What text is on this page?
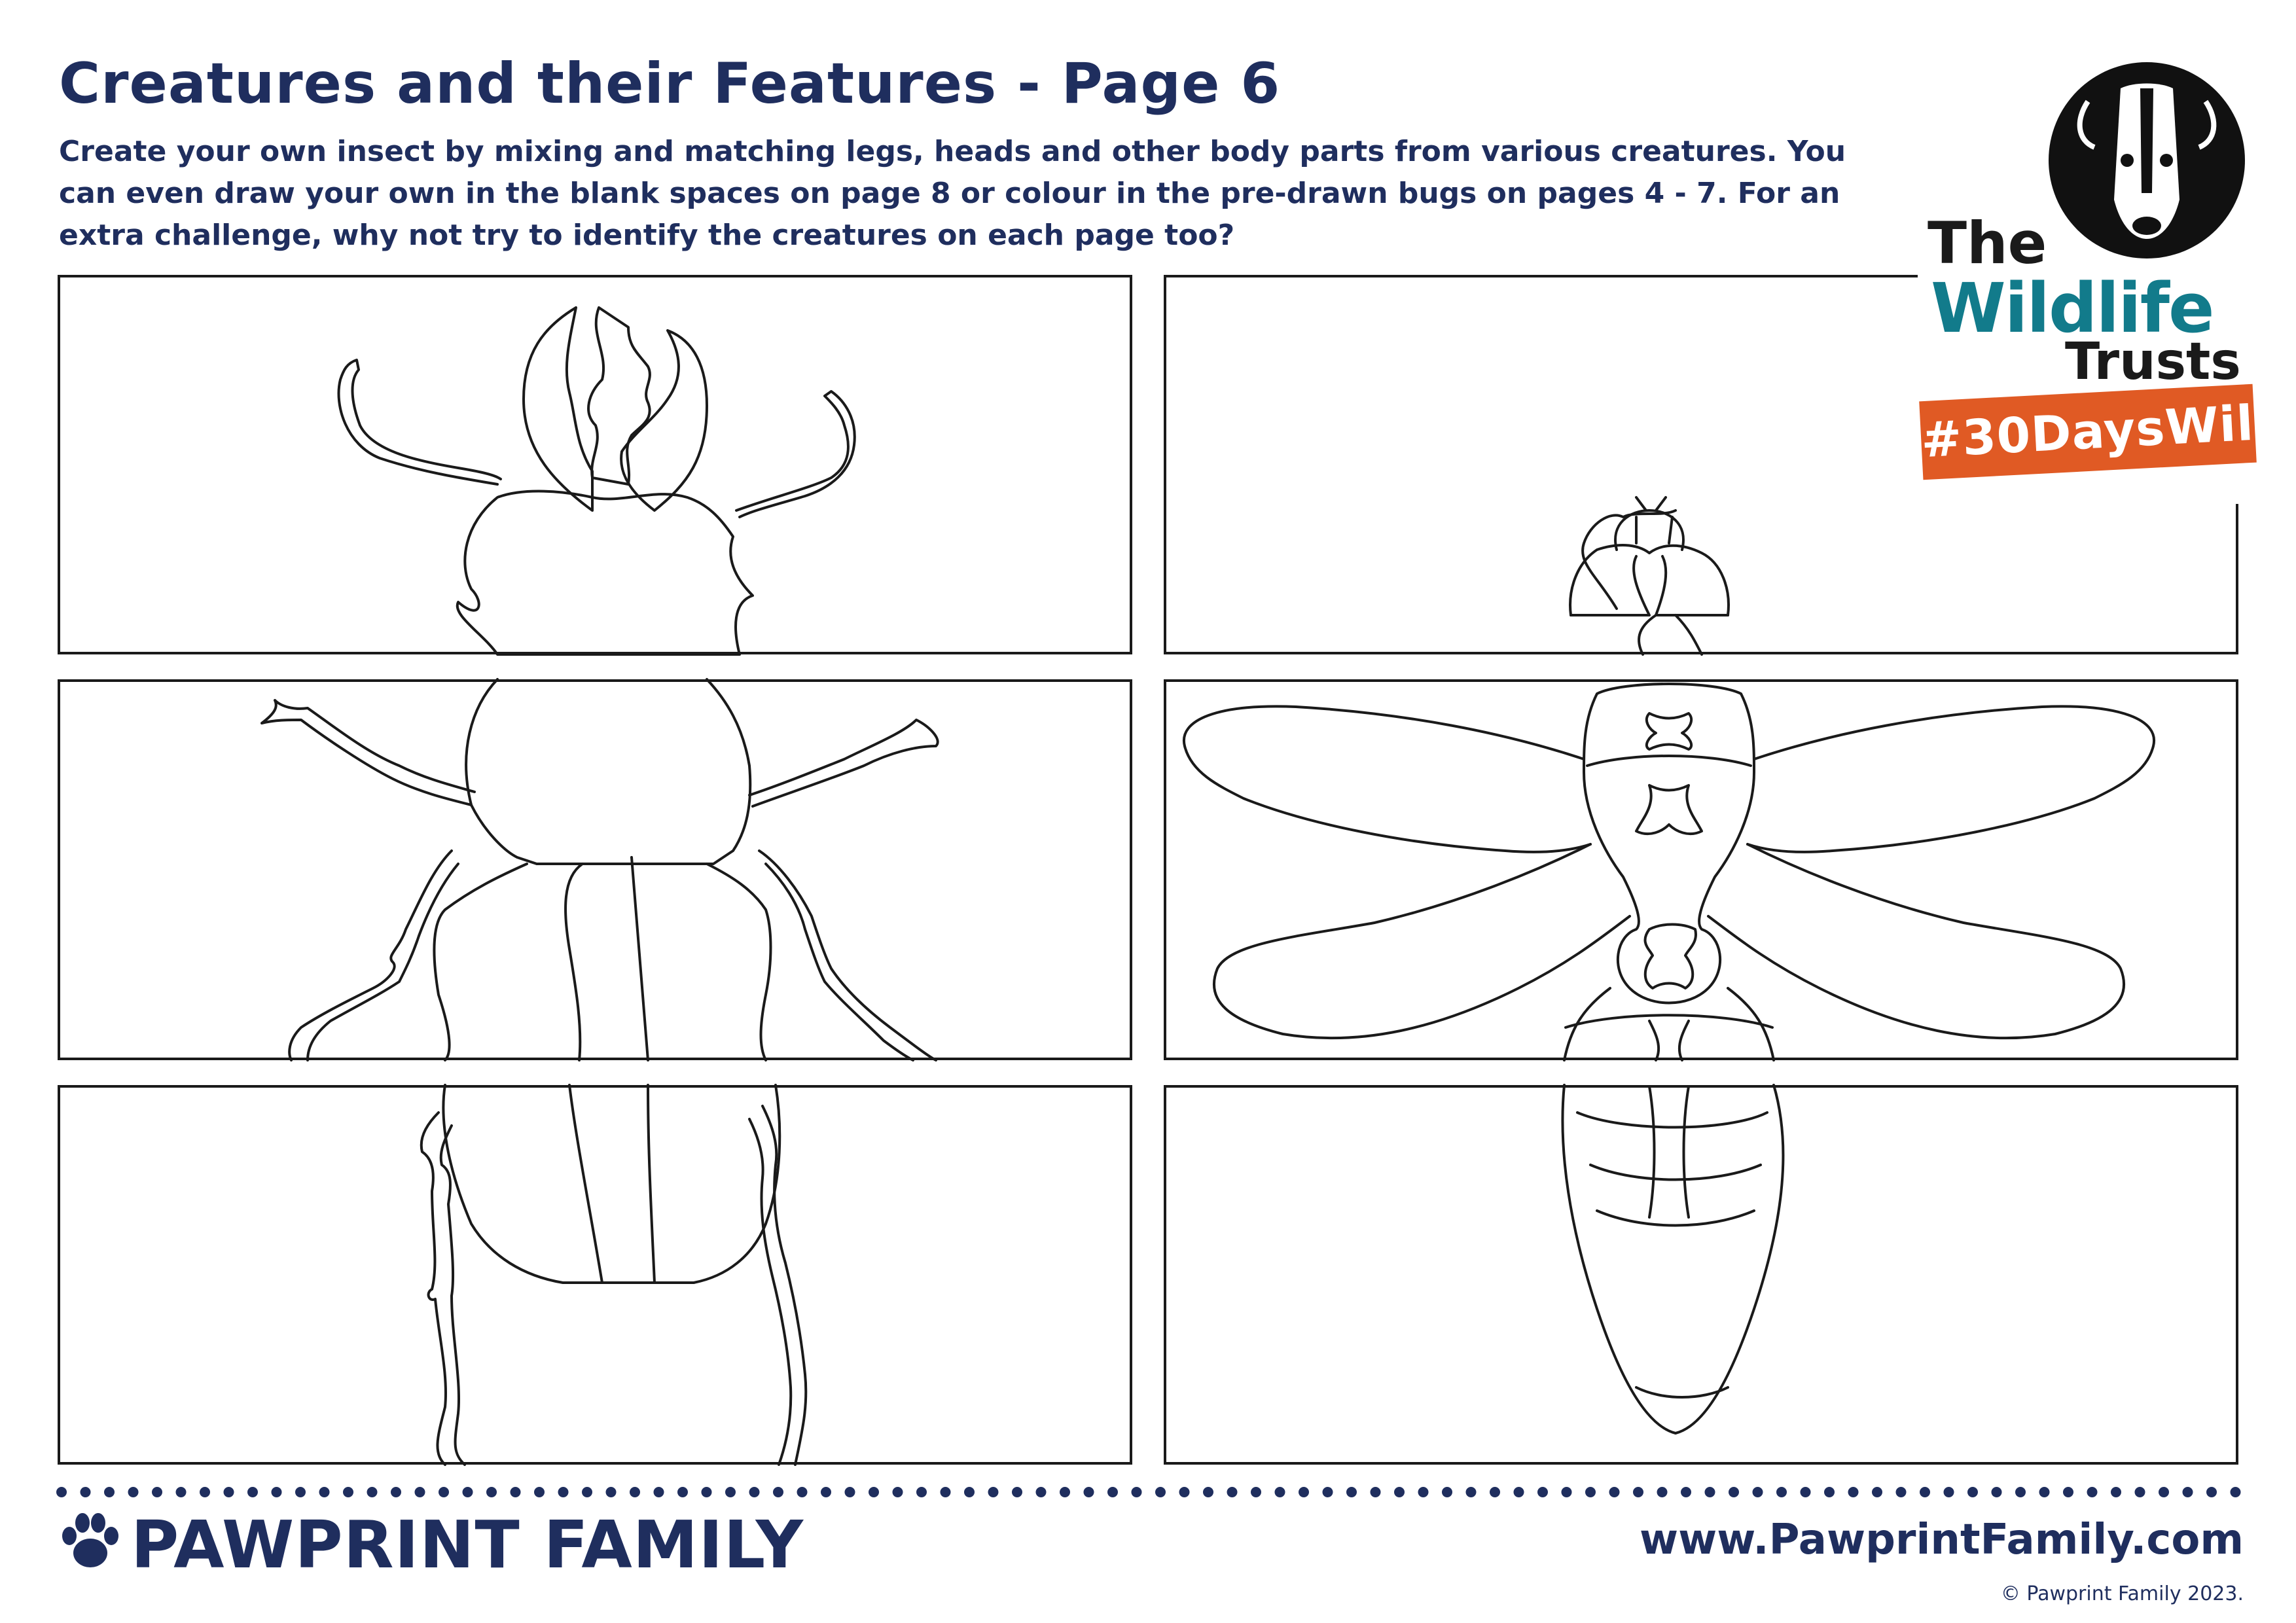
Creatures and their Features - Page 6
Create your own insect by mixing and matching legs, heads and other body parts from various creatures. You can even draw your own in the blank spaces on page 8 or colour in the pre-drawn bugs on pages 4 - 7. For an extra challenge, why not try to identify the creatures on each page too?	The
Wildlife
Trusts
#30DaysWild
PAWPRINT FAMILY	www.PawprintFamily.com
© Pawprint Family 2023.
